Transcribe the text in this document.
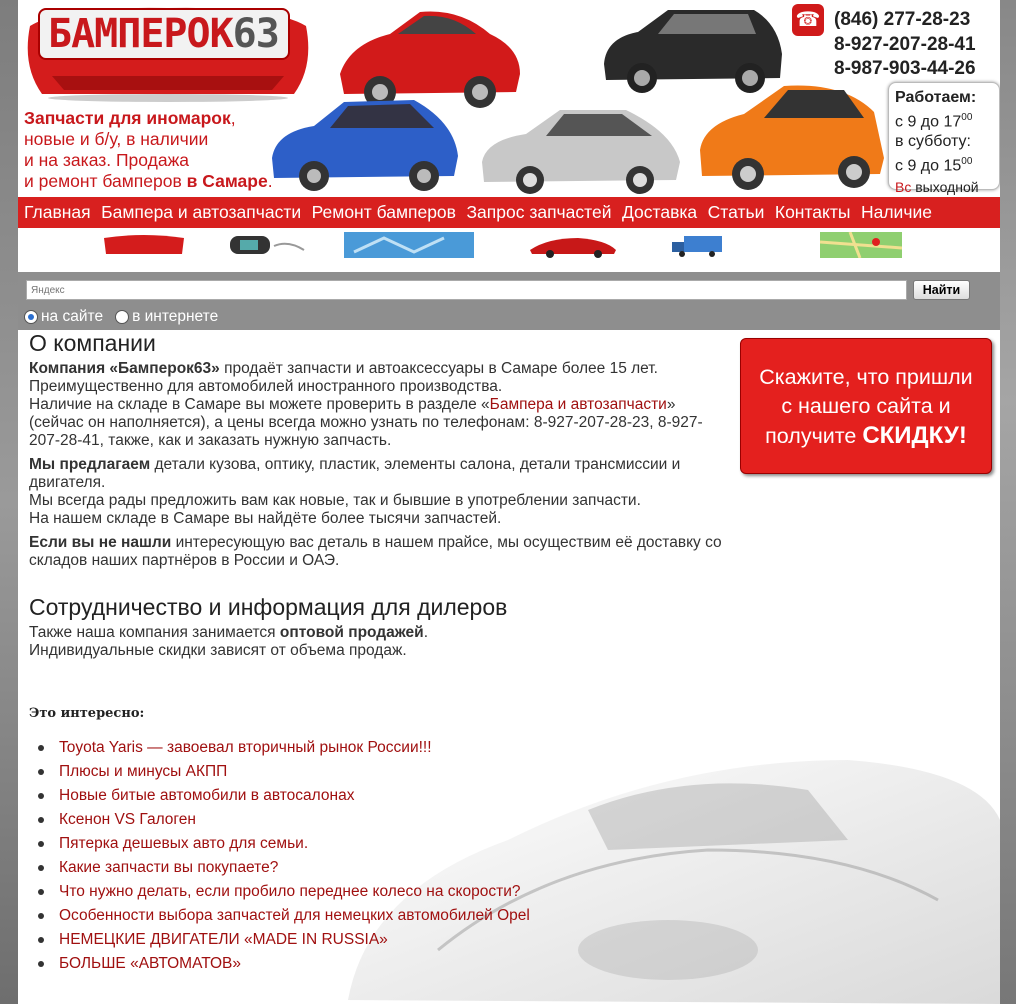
БАМПЕРОК 63
Запчасти для иномарок,
новые и б/у, в наличии
и на заказ. Продажа
и ремонт бамперов в Самаре.
☎ (846) 277-28-23
8-927-207-28-41
8-987-903-44-26
Работаем:
с 9 до $17^{00}$
в субботу:
с 9 до $15^{00}$
Вс выходной
Главная Бампера и автозапчасти Ремонт бамперов Запрос запчастей Доставка Статьи Контакты Наличие
Яндекс
Найти
на сайте в интернете
О компании

Компания «Бамперок63» продаёт запчасти и автоаксессуары в Самаре более 15 лет.
Преимущественно для автомобилей иностранного производства.
Наличие на складе в Самаре вы можете проверить в разделе «Бампера и автозапчасти» (сейчас он наполняется), а цены всегда можно узнать по телефонам: 8-927-207-28-23, 8-927-207-28-41, также, как и заказать нужную запчасть.

Мы предлагаем детали кузова, оптику, пластик, элементы салона, детали трансмиссии и двигателя.
Мы всегда рады предложить вам как новые, так и бывшие в употреблении запчасти.
На нашем складе в Самаре вы найдёте более тысячи запчастей.

Если вы не нашли интересующую вас деталь в нашем прайсе, мы осуществим её доставку со складов наших партнёров в России и ОАЭ.

Сотрудничество и информация для дилеров

Также наша компания занимается оптовой продажей.
Индивидуальные скидки зависят от объема продаж.

Скажите, что пришли
с нашего сайта и
получите СКИДКУ!
Это интересно:
Toyota Yaris — завоевал вторичный рынок России!!!
Плюсы и минусы АКПП
Новые битые автомобили в автосалонах
Ксенон VS Галоген
Пятерка дешевых авто для семьи.
Какие запчасти вы покупаете?
Что нужно делать, если пробило переднее колесо на скорости?
Особенности выбора запчастей для немецких автомобилей Opel
НЕМЕЦКИЕ ДВИГАТЕЛИ «MADE IN RUSSIA»
БОЛЬШЕ «АВТОМАТОВ»
